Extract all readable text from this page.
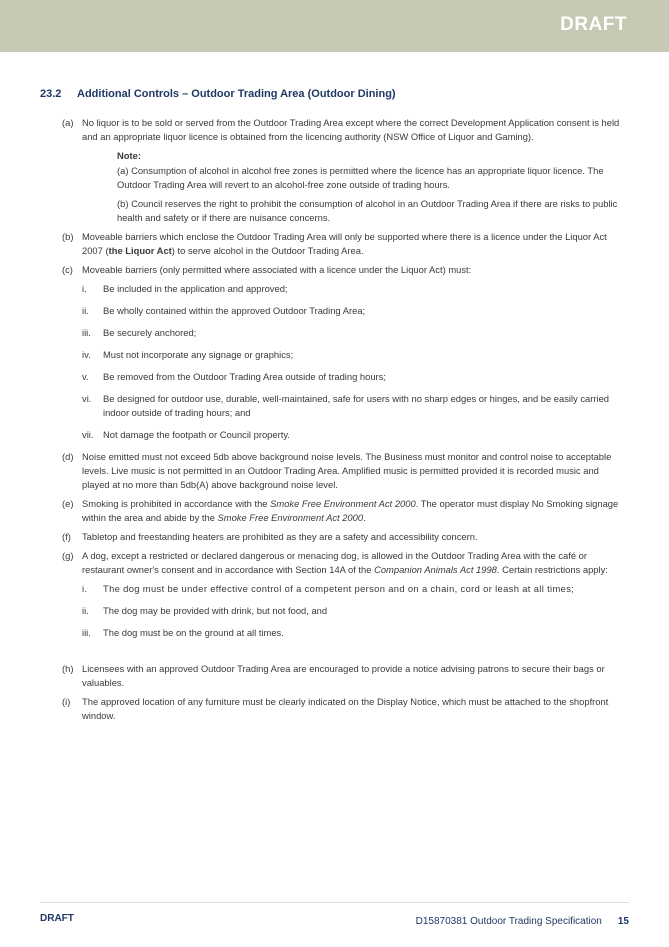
DRAFT
23.2 Additional Controls – Outdoor Trading Area (Outdoor Dining)
(a) No liquor is to be sold or served from the Outdoor Trading Area except where the correct Development Application consent is held and an appropriate liquor licence is obtained from the licencing authority (NSW Office of Liquor and Gaming).
Note:
(a) Consumption of alcohol in alcohol free zones is permitted where the licence has an appropriate liquor licence. The Outdoor Trading Area will revert to an alcohol-free zone outside of trading hours.
(b) Council reserves the right to prohibit the consumption of alcohol in an Outdoor Trading Area if there are risks to public health and safety or if there are nuisance concerns.
(b) Moveable barriers which enclose the Outdoor Trading Area will only be supported where there is a licence under the Liquor Act 2007 (the Liquor Act) to serve alcohol in the Outdoor Trading Area.
(c) Moveable barriers (only permitted where associated with a licence under the Liquor Act) must:
i. Be included in the application and approved;
ii. Be wholly contained within the approved Outdoor Trading Area;
iii. Be securely anchored;
iv. Must not incorporate any signage or graphics;
v. Be removed from the Outdoor Trading Area outside of trading hours;
vi. Be designed for outdoor use, durable, well-maintained, safe for users with no sharp edges or hinges, and be easily carried indoor outside of trading hours; and
vii. Not damage the footpath or Council property.
(d) Noise emitted must not exceed 5db above background noise levels. The Business must monitor and control noise to acceptable levels. Live music is not permitted in an Outdoor Trading Area. Amplified music is permitted provided it is recorded music and played at no more than 5db(A) above background noise level.
(e) Smoking is prohibited in accordance with the Smoke Free Environment Act 2000. The operator must display No Smoking signage within the area and abide by the Smoke Free Environment Act 2000.
(f) Tabletop and freestanding heaters are prohibited as they are a safety and accessibility concern.
(g) A dog, except a restricted or declared dangerous or menacing dog, is allowed in the Outdoor Trading Area with the café or restaurant owner's consent and in accordance with Section 14A of the Companion Animals Act 1998. Certain restrictions apply:
i. The dog must be under effective control of a competent person and on a chain, cord or leash at all times;
ii. The dog may be provided with drink, but not food, and
iii. The dog must be on the ground at all times.
(h) Licensees with an approved Outdoor Trading Area are encouraged to provide a notice advising patrons to secure their bags or valuables.
(i) The approved location of any furniture must be clearly indicated on the Display Notice, which must be attached to the shopfront window.
DRAFT	D15870381 Outdoor Trading Specification 15
